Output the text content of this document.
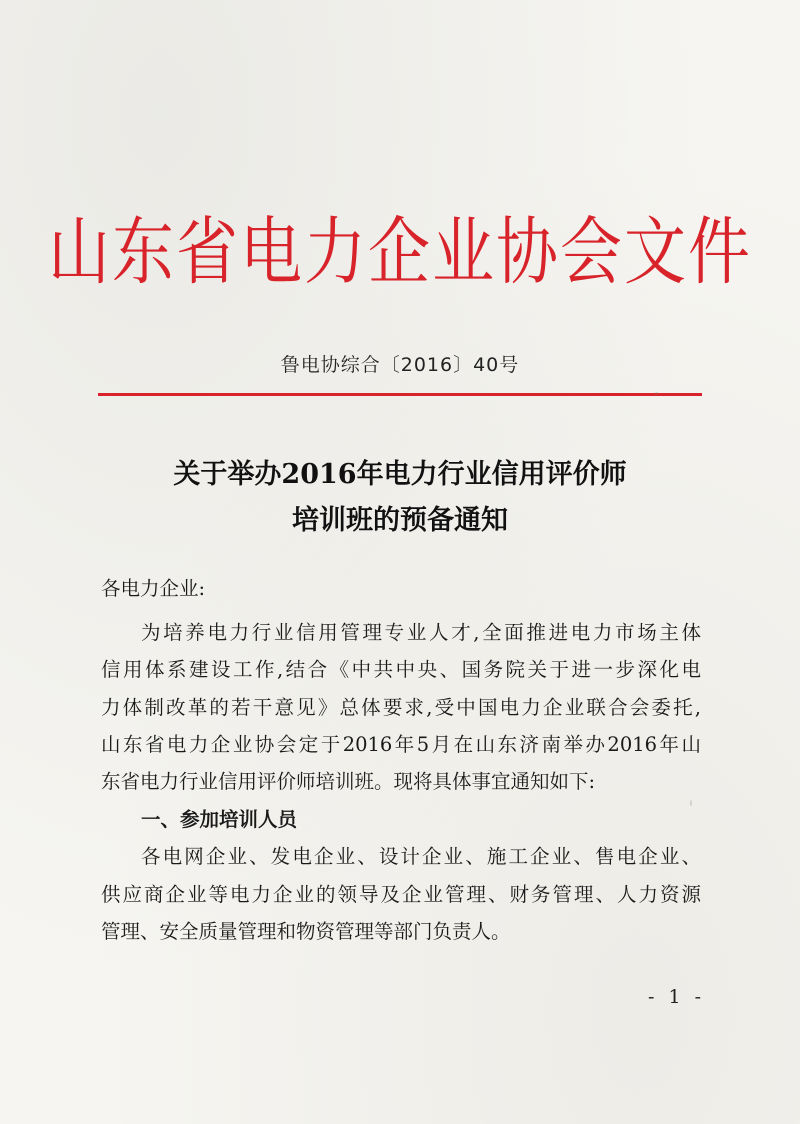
山东省电力企业协会文件
鲁电协综合〔2016〕40号
关于举办2016年电力行业信用评价师
培训班的预备通知
各电力企业:
为培养电力行业信用管理专业人才,全面推进电力市场主体
信用体系建设工作,结合《中共中央、国务院关于进一步深化电
力体制改革的若干意见》总体要求,受中国电力企业联合会委托,
山东省电力企业协会定于2016年5月在山东济南举办2016年山
东省电力行业信用评价师培训班。现将具体事宜通知如下:
一、参加培训人员
各电网企业、发电企业、设计企业、施工企业、售电企业、
供应商企业等电力企业的领导及企业管理、财务管理、人力资源
管理、安全质量管理和物资管理等部门负责人。
- 1 -
